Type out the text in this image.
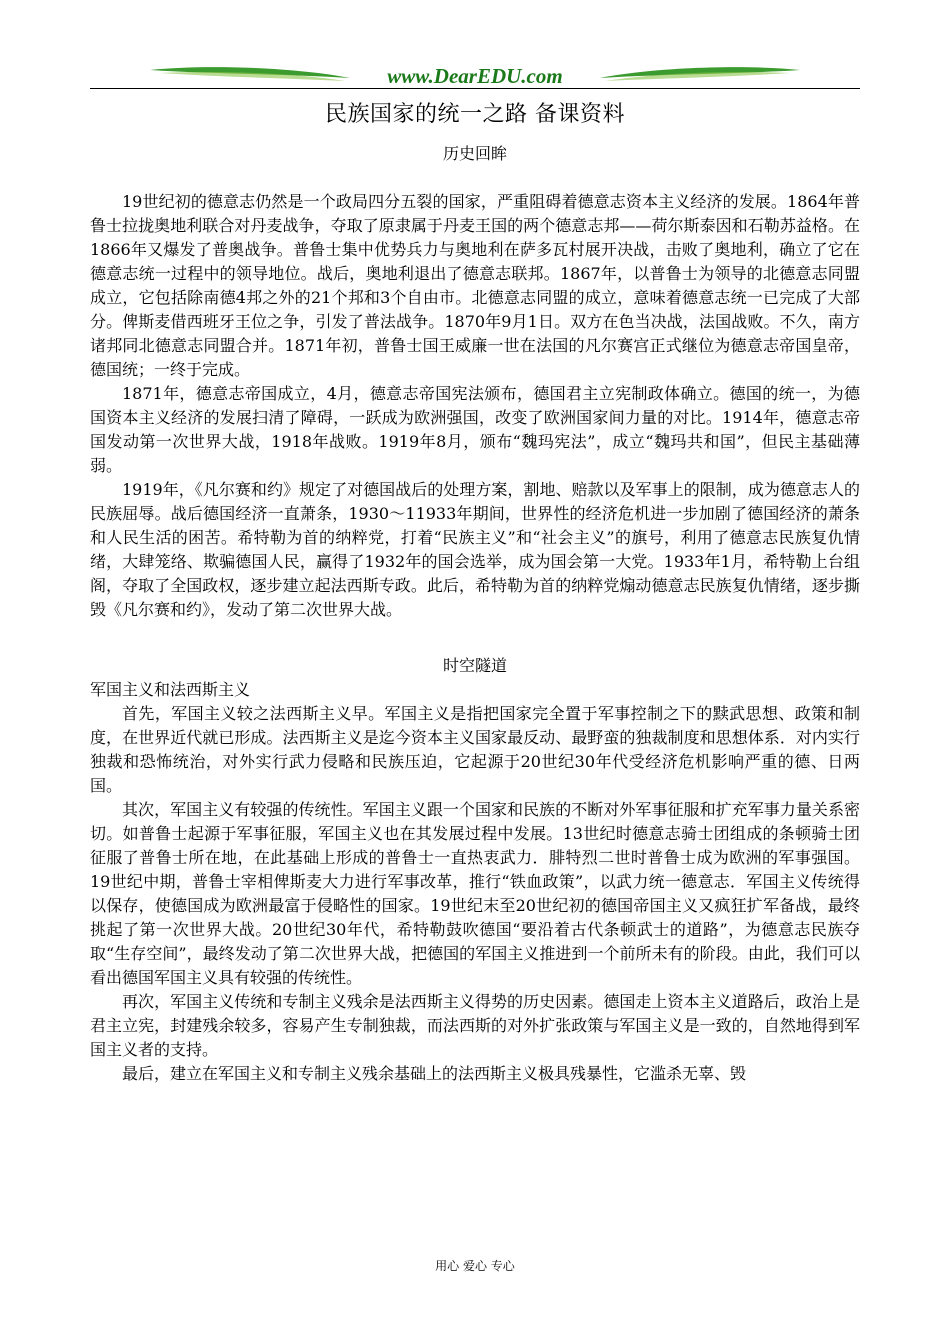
www.DearEDU.com
民族国家的统一之路 备课资料

历史回眸

19世纪初的德意志仍然是一个政局四分五裂的国家，严重阻碍着德意志资本主义经济的发展。1864年普鲁士拉拢奥地利联合对丹麦战争，夺取了原隶属于丹麦王国的两个德意志邦——荷尔斯泰因和石勒苏益格。在1866年又爆发了普奥战争。普鲁士集中优势兵力与奥地利在萨多瓦村展开决战，击败了奥地利，确立了它在德意志统一过程中的领导地位。战后，奥地利退出了德意志联邦。1867年，以普鲁士为领导的北德意志同盟成立，它包括除南德4邦之外的21个邦和3个自由市。北德意志同盟的成立，意味着德意志统一已完成了大部分。俾斯麦借西班牙王位之争，引发了普法战争。1870年9月1日。双方在色当决战，法国战败。不久，南方诸邦同北德意志同盟合并。1871年初，普鲁士国王威廉一世在法国的凡尔赛宫正式继位为德意志帝国皇帝，德国统；一终于完成。

1871年，德意志帝国成立，4月，德意志帝国宪法颁布，德国君主立宪制政体确立。德国的统一，为德国资本主义经济的发展扫清了障碍，一跃成为欧洲强国，改变了欧洲国家间力量的对比。1914年，德意志帝国发动第一次世界大战，1918年战败。1919年8月，颁布“魏玛宪法”，成立“魏玛共和国”，但民主基础薄弱。

1919年，《凡尔赛和约》规定了对德国战后的处理方案，割地、赔款以及军事上的限制，成为德意志人的民族屈辱。战后德国经济一直萧条，1930～11933年期间，世界性的经济危机进一步加剧了德国经济的萧条和人民生活的困苦。希特勒为首的纳粹党，打着“民族主义”和“社会主义”的旗号，利用了德意志民族复仇情绪，大肆笼络、欺骗德国人民，赢得了1932年的国会选举，成为国会第一大党。1933年1月，希特勒上台组阁，夺取了全国政权，逐步建立起法西斯专政。此后，希特勒为首的纳粹党煽动德意志民族复仇情绪，逐步撕毁《凡尔赛和约》，发动了第二次世界大战。

时空隧道

军国主义和法西斯主义

首先，军国主义较之法西斯主义早。军国主义是指把国家完全置于军事控制之下的黩武思想、政策和制度，在世界近代就已形成。法西斯主义是迄今资本主义国家最反动、最野蛮的独裁制度和思想体系．对内实行独裁和恐怖统治，对外实行武力侵略和民族压迫，它起源于20世纪30年代受经济危机影响严重的德、日两国。

其次，军国主义有较强的传统性。军国主义跟一个国家和民族的不断对外军事征服和扩充军事力量关系密切。如普鲁士起源于军事征服，军国主义也在其发展过程中发展。13世纪时德意志骑士团组成的条顿骑士团征服了普鲁士所在地，在此基础上形成的普鲁士一直热衷武力．腓特烈二世时普鲁士成为欧洲的军事强国。19世纪中期，普鲁士宰相俾斯麦大力进行军事改革，推行“铁血政策”，以武力统一德意志．军国主义传统得以保存，使德国成为欧洲最富于侵略性的国家。19世纪末至20世纪初的德国帝国主义又疯狂扩军备战，最终挑起了第一次世界大战。20世纪30年代，希特勒鼓吹德国“要沿着古代条顿武士的道路”，为德意志民族夺取“生存空间”，最终发动了第二次世界大战，把德国的军国主义推进到一个前所未有的阶段。由此，我们可以看出德国军国主义具有较强的传统性。

再次，军国主义传统和专制主义残余是法西斯主义得势的历史因素。德国走上资本主义道路后，政治上是君主立宪，封建残余较多，容易产生专制独裁，而法西斯的对外扩张政策与军国主义是一致的，自然地得到军国主义者的支持。

最后，建立在军国主义和专制主义残余基础上的法西斯主义极具残暴性，它滥杀无辜、毁

用心 爱心 专心
